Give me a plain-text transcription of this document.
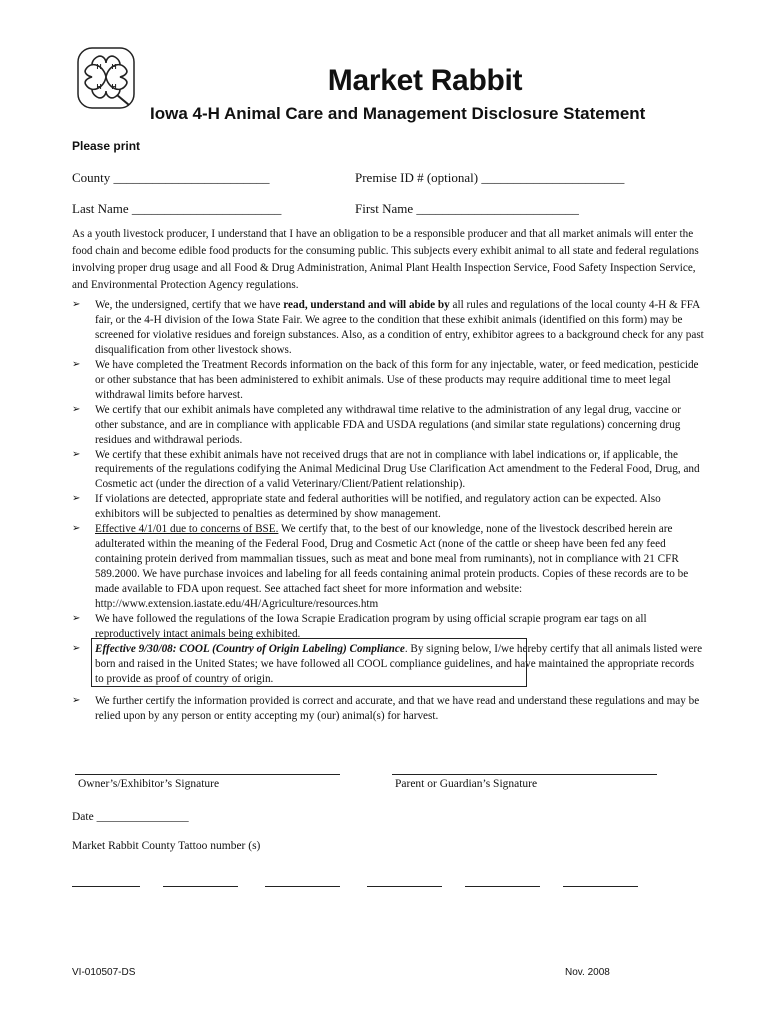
H H
H H	Market Rabbit
Iowa 4-H Animal Care and Management Disclosure Statement
Please print
County ________________________	Premise ID # (optional) ______________________
Last Name _______________________	First Name _________________________
As a youth livestock producer, I understand that I have an obligation to be a responsible producer and that all market animals will enter the food chain and become edible food products for the consuming public. This subjects every exhibit animal to all state and federal regulations involving proper drug usage and all Food & Drug Administration, Animal Plant Health Inspection Service, Food Safety Inspection Service, and Environmental Protection Agency regulations.
➢ We, the undersigned, certify that we have read, understand and will abide by all rules and regulations of the local county 4-H & FFA fair, or the 4-H division of the Iowa State Fair. We agree to the condition that these exhibit animals (identified on this form) may be screened for violative residues and foreign substances. Also, as a condition of entry, exhibitor agrees to a background check for any past disqualification from other livestock shows.
➢ We have completed the Treatment Records information on the back of this form for any injectable, water, or feed medication, pesticide or other substance that has been administered to exhibit animals. Use of these products may require additional time to meet legal withdrawal limits before harvest.
➢ We certify that our exhibit animals have completed any withdrawal time relative to the administration of any legal drug, vaccine or other substance, and are in compliance with applicable FDA and USDA regulations (and similar state regulations) concerning drug residues and withdrawal periods.
➢ We certify that these exhibit animals have not received drugs that are not in compliance with label indications or, if applicable, the requirements of the regulations codifying the Animal Medicinal Drug Use Clarification Act amendment to the Federal Food, Drug, and Cosmetic act (under the direction of a valid Veterinary/Client/Patient relationship).
➢ If violations are detected, appropriate state and federal authorities will be notified, and regulatory action can be expected. Also exhibitors will be subjected to penalties as determined by show management.
➢ Effective 4/1/01 due to concerns of BSE. We certify that, to the best of our knowledge, none of the livestock described herein are adulterated within the meaning of the Federal Food, Drug and Cosmetic Act (none of the cattle or sheep have been fed any feed containing protein derived from mammalian tissues, such as meat and bone meal from ruminants), not in compliance with 21 CFR 589.2000. We have purchase invoices and labeling for all feeds containing animal protein products. Copies of these records are to be made available to FDA upon request. See attached fact sheet for more information and website: http://www.extension.iastate.edu/4H/Agriculture/resources.htm
➢ We have followed the regulations of the Iowa Scrapie Eradication program by using official scrapie program ear tags on all reproductively intact animals being exhibited.
➢ Effective 9/30/08: COOL (Country of Origin Labeling) Compliance. By signing below, I/we hereby certify that all animals listed were born and raised in the United States; we have followed all COOL compliance guidelines, and have maintained the appropriate records to provide as proof of country of origin.
➢ We further certify the information provided is correct and accurate, and that we have read and understand these regulations and may be relied upon by any person or entity accepting my (our) animal(s) for harvest.
Owner’s/Exhibitor’s Signature	Parent or Guardian’s Signature
Date ________________
Market Rabbit County Tattoo number (s)
VI-010507-DS	Nov. 2008
